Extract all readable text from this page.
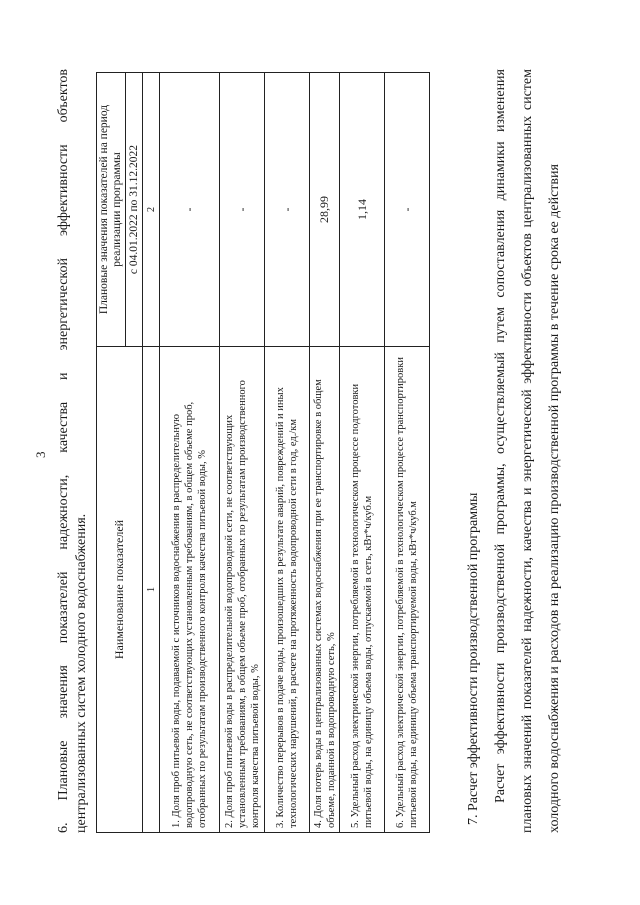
3 6. Плановые значения показателей надежности, качества и энергетической эффективности объектов централизованных систем холодного водоснабжения. Наименование показателей	Плановые значения показателей на период реализации программы
	с 04.01.2022 по 31.12.2022
1	2
1. Доля проб питьевой воды, подаваемой с источников водоснабжения в распределительную водопроводную сеть, не соответствующих установленным требованиям, в общем объеме проб, отобранных по результатам производственного контроля качества питьевой воды, %	-
2. Доля проб питьевой воды в распределительной водопроводной сети, не соответствующих установленным требованиям, в общем объеме проб, отобранных по результатам производственного контроля качества питьевой воды, %	-
3. Количество перерывов в подаче воды, произошедших в результате аварий, повреждений и иных технологических нарушений, в расчете на протяженность водопроводной сети в год, ед./км	-
4. Доля потерь воды в централизованных системах водоснабжения при ее транспортировке в общем объеме, поданной в водопроводную сеть, %	28,99
5. Удельный расход электрической энергии, потребляемой в технологическом процессе подготовки питьевой воды, на единицу объема воды, отпускаемой в сеть, кВт*ч/куб.м	1,14
6. Удельный расход электрической энергии, потребляемой в технологическом процессе транспортировки питьевой воды, на единицу объема транспортируемой воды, кВт*ч/куб.м	-
7. Расчет эффективности производственной программы Расчет эффективности производственной программы, осуществляемый путем сопоставления динамики изменения плановых значений показателей надежности, качества и энергетической эффективности объектов централизованных систем холодного водоснабжения и расходов на реализацию производственной программы в течение срока ее действия
